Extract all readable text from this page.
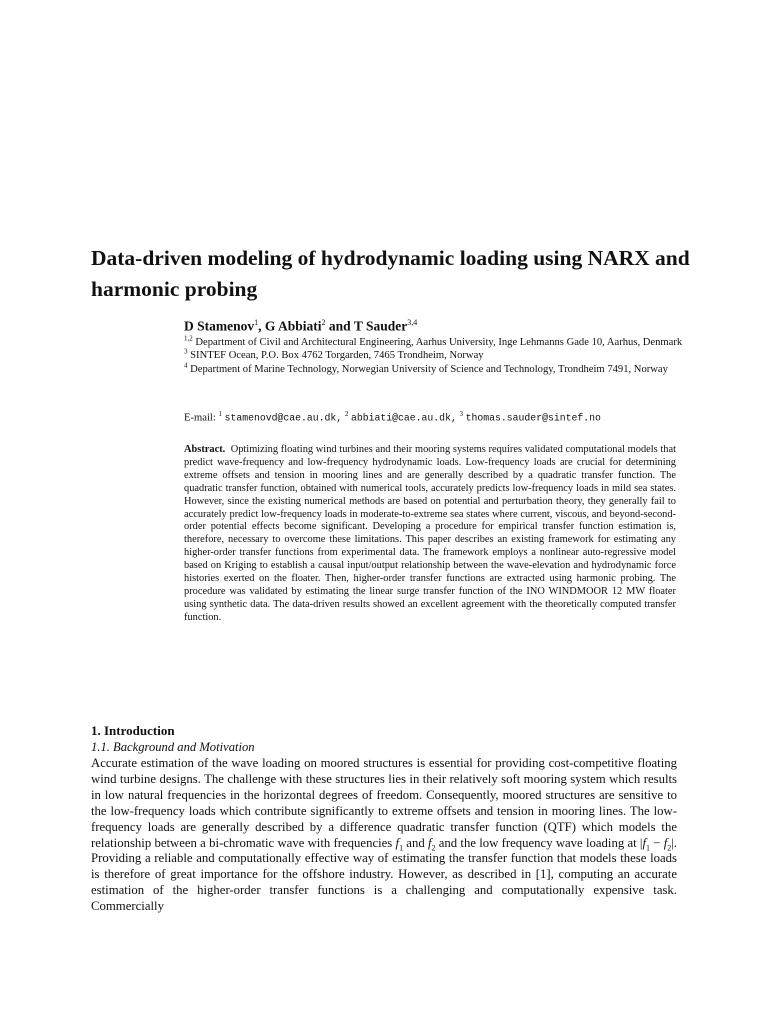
Data-driven modeling of hydrodynamic loading using NARX and harmonic probing
D Stamenov$^1$, G Abbiati$^2$ and T Sauder$^{3,4}$

$^{1,2}$ Department of Civil and Architectural Engineering, Aarhus University, Inge Lehmanns Gade 10, Aarhus, Denmark

$^3$ SINTEF Ocean, P.O. Box 4762 Torgarden, 7465 Trondheim, Norway

$^4$ Department of Marine Technology, Norwegian University of Science and Technology, Trondheim 7491, Norway

E-mail: $^1$ stamenovd@cae.au.dk, $^2$ abbiati@cae.au.dk, $^3$ thomas.sauder@sintef.no

Abstract. Optimizing floating wind turbines and their mooring systems requires validated computational models that predict wave-frequency and low-frequency hydrodynamic loads. Low-frequency loads are crucial for determining extreme offsets and tension in mooring lines and are generally described by a quadratic transfer function. The quadratic transfer function, obtained with numerical tools, accurately predicts low-frequency loads in mild sea states. However, since the existing numerical methods are based on potential and perturbation theory, they generally fail to accurately predict low-frequency loads in moderate-to-extreme sea states where current, viscous, and beyond-second-order potential effects become significant. Developing a procedure for empirical transfer function estimation is, therefore, necessary to overcome these limitations. This paper describes an existing framework for estimating any higher-order transfer functions from experimental data. The framework employs a nonlinear auto-regressive model based on Kriging to establish a causal input/output relationship between the wave-elevation and hydrodynamic force histories exerted on the floater. Then, higher-order transfer functions are extracted using harmonic probing. The procedure was validated by estimating the linear surge transfer function of the INO WINDMOOR 12 MW floater using synthetic data. The data-driven results showed an excellent agreement with the theoretically computed transfer function.

1. Introduction
1.1. Background and Motivation

Accurate estimation of the wave loading on moored structures is essential for providing cost-competitive floating wind turbine designs. The challenge with these structures lies in their relatively soft mooring system which results in low natural frequencies in the horizontal degrees of freedom. Consequently, moored structures are sensitive to the low-frequency loads which contribute significantly to extreme offsets and tension in mooring lines. The low-frequency loads are generally described by a difference quadratic transfer function (QTF) which models the relationship between a bi-chromatic wave with frequencies $f_1$ and $f_2$ and the low frequency wave loading at $|f_1 - f_2|$. Providing a reliable and computationally effective way of estimating the transfer function that models these loads is therefore of great importance for the offshore industry. However, as described in [1], computing an accurate estimation of the higher-order transfer functions is a challenging and computationally expensive task. Commercially
